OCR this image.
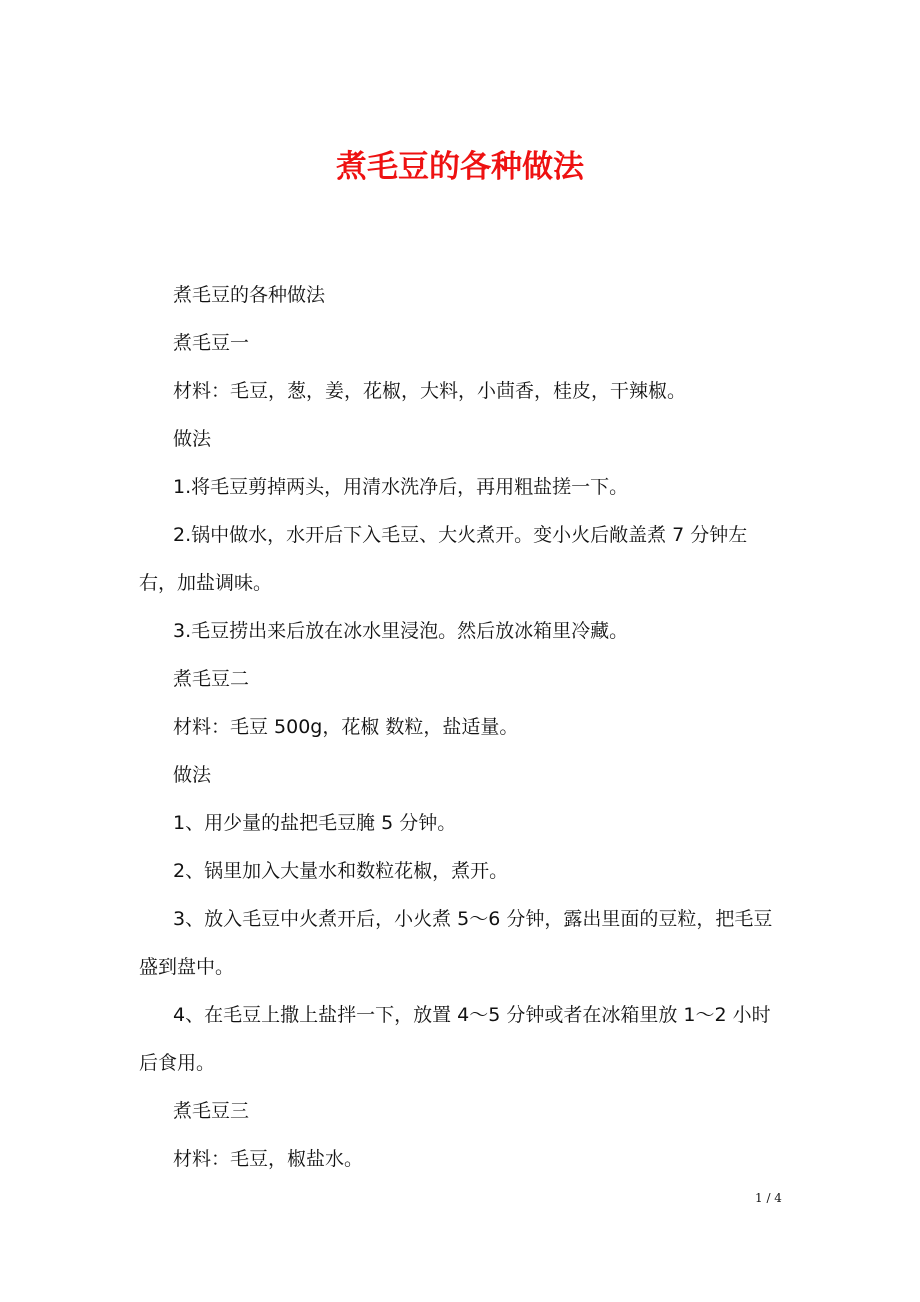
煮毛豆的各种做法

煮毛豆的各种做法

煮毛豆一

材料：毛豆，葱，姜，花椒，大料，小茴香，桂皮，干辣椒。

做法

1.将毛豆剪掉两头，用清水洗净后，再用粗盐搓一下。

2.锅中做水，水开后下入毛豆、大火煮开。变小火后敞盖煮 7 分钟左右，加盐调味。

3.毛豆捞出来后放在冰水里浸泡。然后放冰箱里冷藏。

煮毛豆二

材料：毛豆 500g，花椒 数粒，盐适量。

做法

1、用少量的盐把毛豆腌 5 分钟。

2、锅里加入大量水和数粒花椒，煮开。

3、放入毛豆中火煮开后，小火煮 5～6 分钟，露出里面的豆粒，把毛豆盛到盘中。

4、在毛豆上撒上盐拌一下，放置 4～5 分钟或者在冰箱里放 1～2 小时后食用。

煮毛豆三

材料：毛豆，椒盐水。

1 / 4
